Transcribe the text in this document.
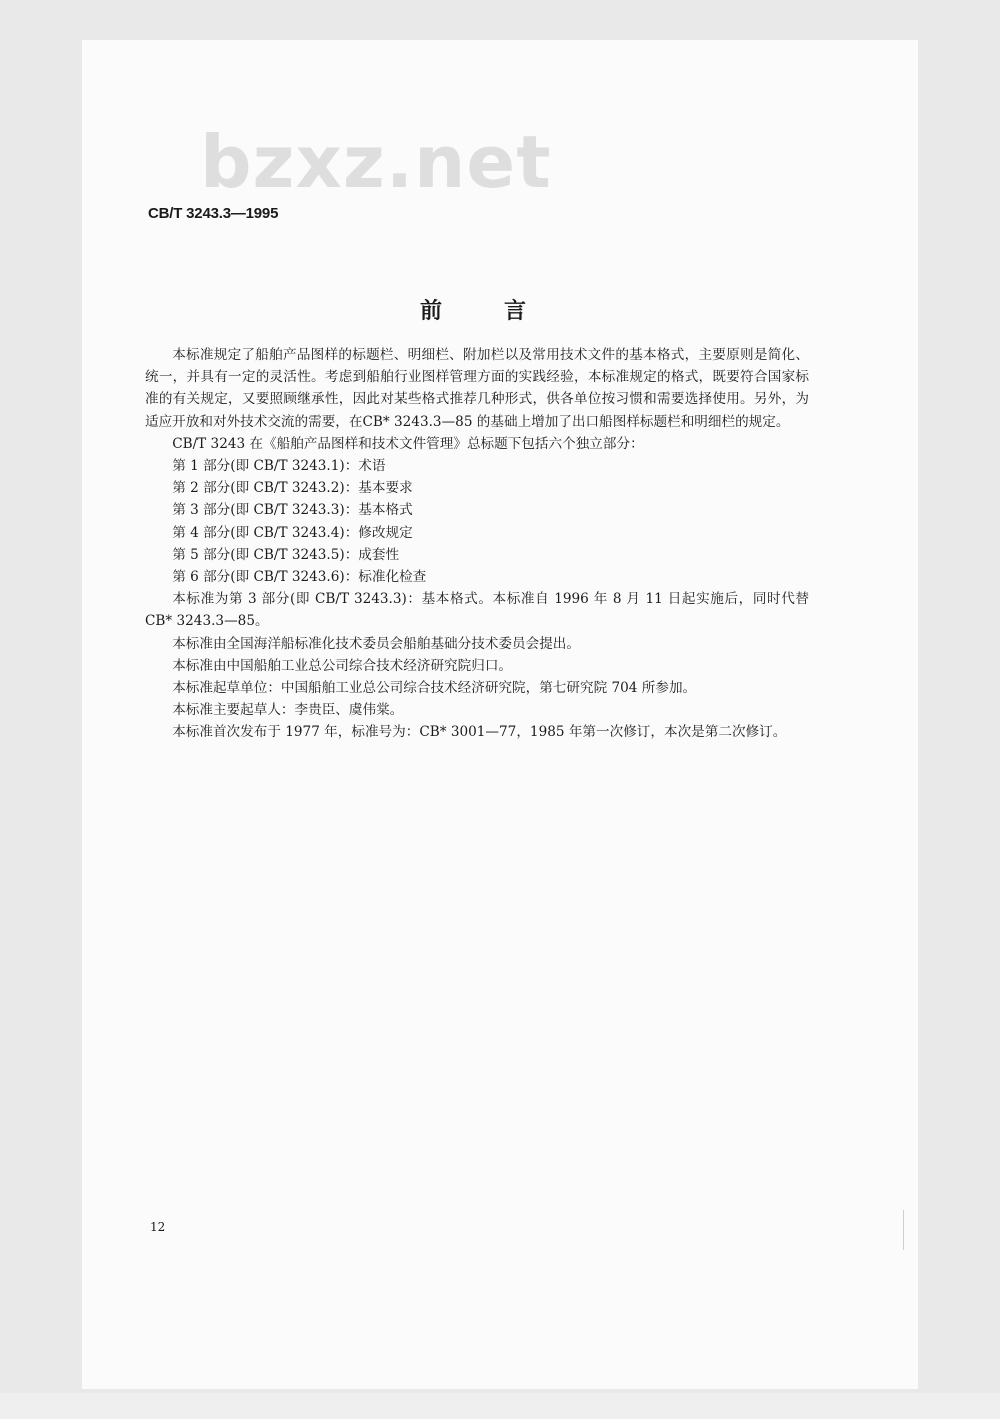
bzxz.net
CB/T 3243.3—1995
前言

本标准规定了船舶产品图样的标题栏、明细栏、附加栏以及常用技术文件的基本格式，主要原则是简化、统一，并具有一定的灵活性。考虑到船舶行业图样管理方面的实践经验，本标准规定的格式，既要符合国家标准的有关规定，又要照顾继承性，因此对某些格式推荐几种形式，供各单位按习惯和需要选择使用。另外，为适应开放和对外技术交流的需要，在CB* 3243.3—85 的基础上增加了出口船图样标题栏和明细栏的规定。

CB/T 3243 在《船舶产品图样和技术文件管理》总标题下包括六个独立部分：

第 1 部分(即 CB/T 3243.1)：术语

第 2 部分(即 CB/T 3243.2)：基本要求

第 3 部分(即 CB/T 3243.3)：基本格式

第 4 部分(即 CB/T 3243.4)：修改规定

第 5 部分(即 CB/T 3243.5)：成套性

第 6 部分(即 CB/T 3243.6)：标准化检查

本标准为第 3 部分(即 CB/T 3243.3)：基本格式。本标准自 1996 年 8 月 11 日起实施后，同时代替 CB* 3243.3—85。

本标准由全国海洋船标准化技术委员会船舶基础分技术委员会提出。

本标准由中国船舶工业总公司综合技术经济研究院归口。

本标准起草单位：中国船舶工业总公司综合技术经济研究院，第七研究院 704 所参加。

本标准主要起草人：李贵臣、虞伟棠。

本标准首次发布于 1977 年，标准号为：CB* 3001—77，1985 年第一次修订，本次是第二次修订。

12
